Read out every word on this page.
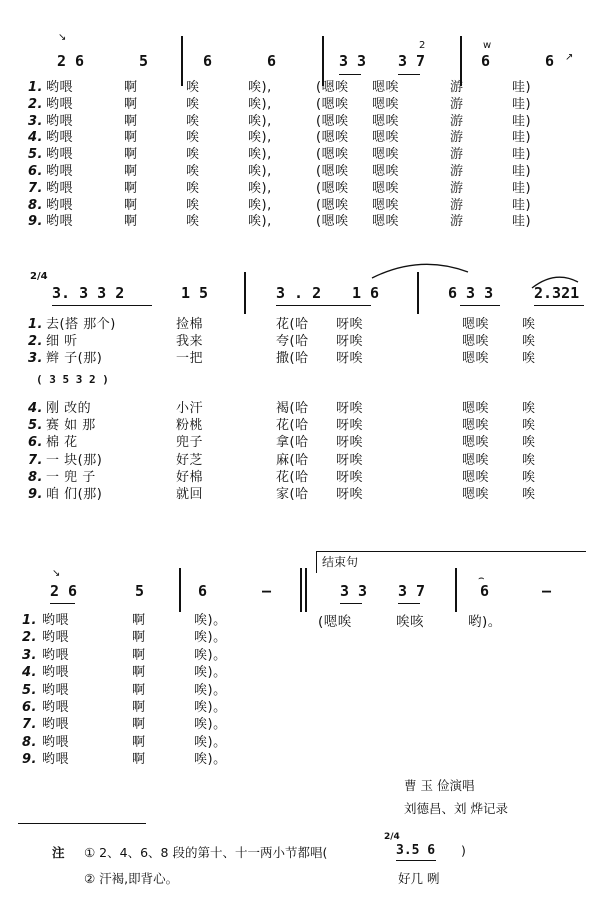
↘
2	w
↗
2 6	5	6	6	3 3 3 7	6	6
1. 哟喂	啊	唉	唉),	(嗯唉 嗯唉	游	哇)
2. 哟喂	啊	唉	唉),	(嗯唉 嗯唉	游	哇)
3. 哟喂	啊	唉	唉),	(嗯唉 嗯唉	游	哇)
4. 哟喂	啊	唉	唉),	(嗯唉 嗯唉	游	哇)
5. 哟喂	啊	唉	唉),	(嗯唉 嗯唉	游	哇)
6. 哟喂	啊	唉	唉),	(嗯唉 嗯唉	游	哇)
7. 哟喂	啊	唉	唉),	(嗯唉 嗯唉	游	哇)
8. 哟喂	啊	唉	唉),	(嗯唉 嗯唉	游	哇)
9. 哟喂	啊	唉	唉),	(嗯唉 嗯唉	游	哇)
2/4
3. 3 3 2	1 5	3 . 2 1 6	6 3 3	2.321
1. 去(搭 那个)	捡棉	花(哈 呀唉	嗯唉	唉
2. 细 听	我来	夸(哈 呀唉	嗯唉	唉
3. 辫 子(那)	一把	撒(哈 呀唉	嗯唉	唉
( 3 5 3 2 )
4. 刚 改的	小汗	褐(哈 呀唉	嗯唉	唉
5. 赛 如 那	粉桃	花(哈 呀唉	嗯唉	唉
6. 棉 花	兜子	拿(哈 呀唉	嗯唉	唉
7. 一 块(那)	好芝	麻(哈 呀唉	嗯唉	唉
8. 一 兜 子	好棉	花(哈 呀唉	嗯唉	唉
9. 咱 们(那)	就回	家(哈 呀唉	嗯唉	唉
结束句
↘	⌢
2 6	5	6	–	3 3 3 7	6	–
(嗯唉	唉咳	哟)。
1. 哟喂	啊	唉)。
2. 哟喂	啊	唉)。
3. 哟喂	啊	唉)。
4. 哟喂	啊	唉)。
5. 哟喂	啊	唉)。
6. 哟喂	啊	唉)。
7. 哟喂	啊	唉)。
8. 哟喂	啊	唉)。
9. 哟喂	啊	唉)。
曹 玉 俭演唱
刘德昌、刘 烨记录
注 ① 2、4、6、8 段的第十、十一两小节都唱(
2/4
3.5 6 )
② 汗褐,即背心。	好几 咧
